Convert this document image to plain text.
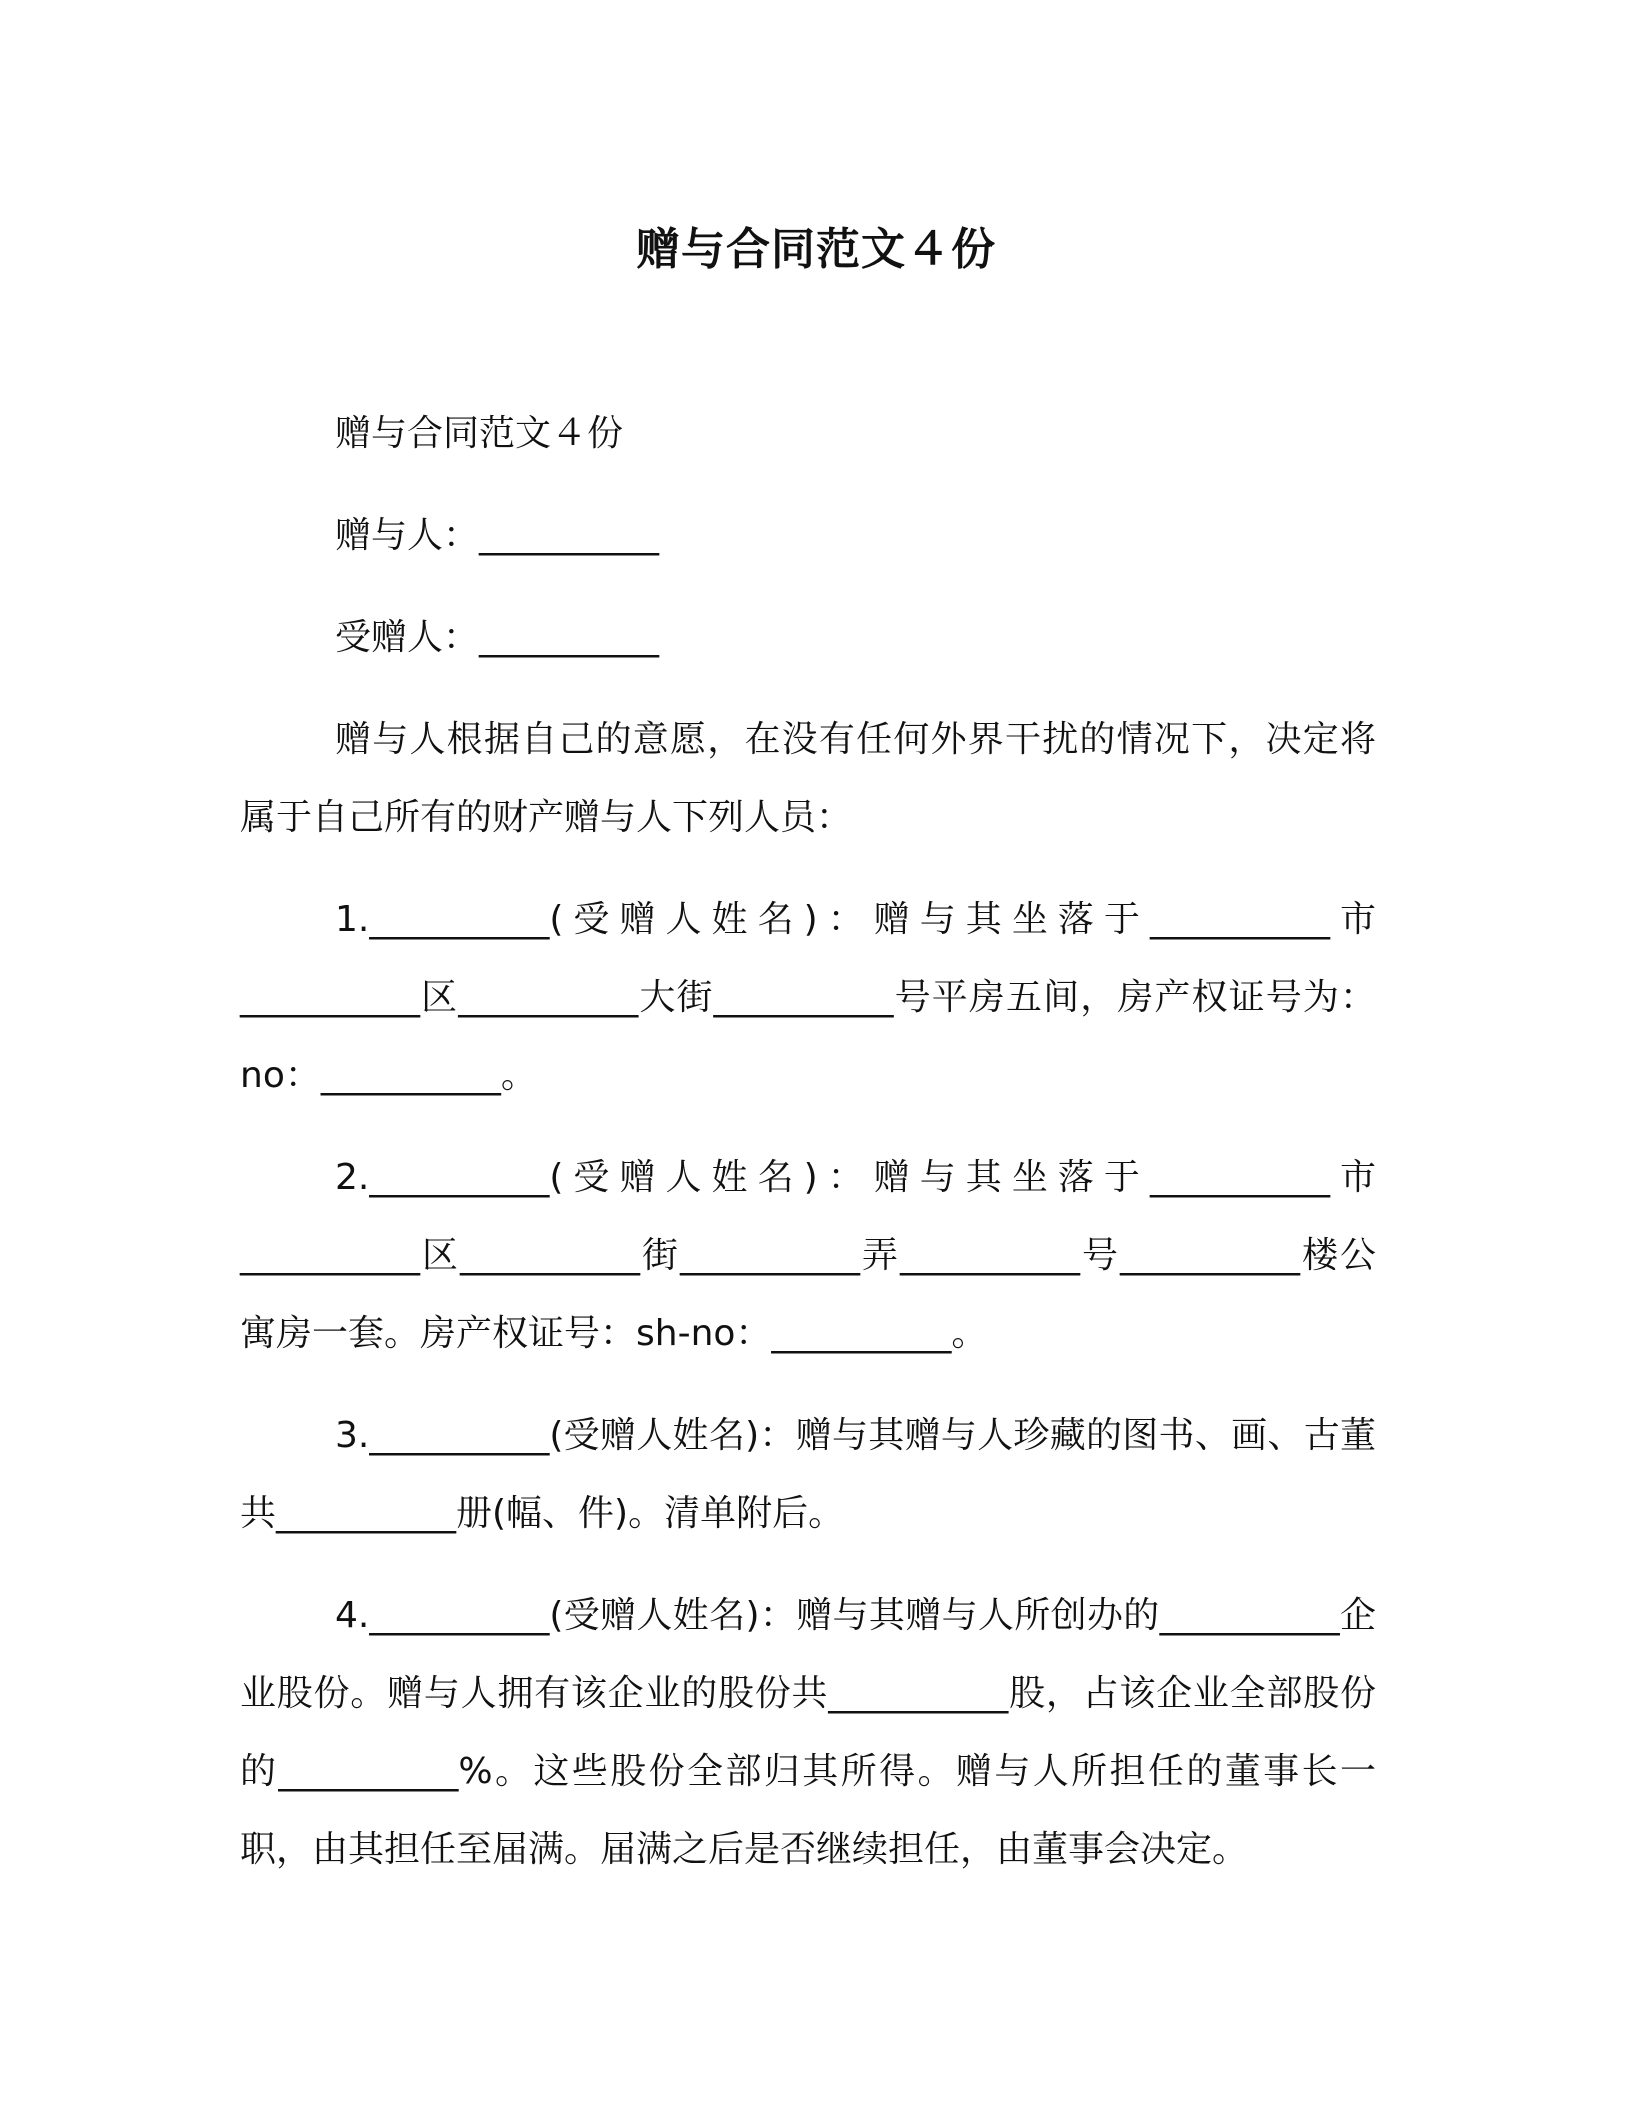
赠与合同范文４份

赠与合同范文４份

赠与人：__________

受赠人：__________

赠与人根据自己的意愿，在没有任何外界干扰的情况下，决定将属于自己所有的财产赠与人下列人员：

1.__________(受赠人姓名)：赠与其坐落于__________市__________区__________大街__________号平房五间，房产权证号为：no：__________。

2.__________(受赠人姓名)：赠与其坐落于__________市__________区__________街__________弄__________号__________楼公寓房一套。房产权证号：sh-no：__________。

3.__________(受赠人姓名)：赠与其赠与人珍藏的图书、画、古董共__________册(幅、件)。清单附后。

4.__________(受赠人姓名)：赠与其赠与人所创办的__________企业股份。赠与人拥有该企业的股份共__________股，占该企业全部股份的__________%。这些股份全部归其所得。赠与人所担任的董事长一职，由其担任至届满。届满之后是否继续担任，由董事会决定。
